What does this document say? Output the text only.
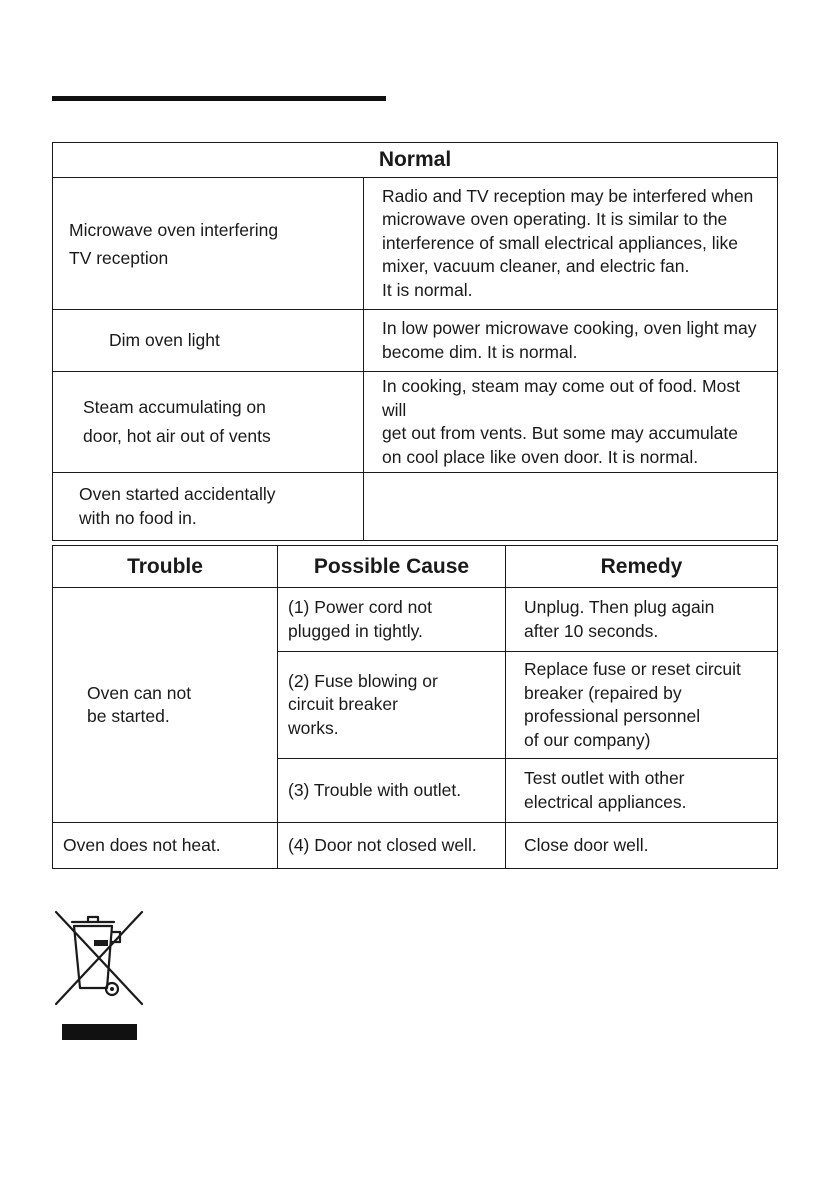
Normal	
Microwave oven interfering
TV reception	Radio and TV reception may be interfered when
microwave oven operating. It is similar to the
interference of small electrical appliances, like
mixer, vacuum cleaner, and electric fan.
It is normal.
Dim oven light	In low power microwave cooking, oven light may
become dim. It is normal.
Steam accumulating on
door, hot air out of vents	In cooking, steam may come out of food. Most will
get out from vents. But some may accumulate
on cool place like oven door. It is normal.
Oven started accidentally
with no food in.	
Trouble	Possible Cause	Remedy
Oven can not
be started.	(1) Power cord not
plugged in tightly.	Unplug. Then plug again
after 10 seconds.
	(2) Fuse blowing or
circuit breaker
works.	Replace fuse or reset circuit
breaker (repaired by
professional personnel
of our company)
	(3) Trouble with outlet.	Test outlet with other
electrical appliances.
Oven does not heat.	(4) Door not closed well.	Close door well.
